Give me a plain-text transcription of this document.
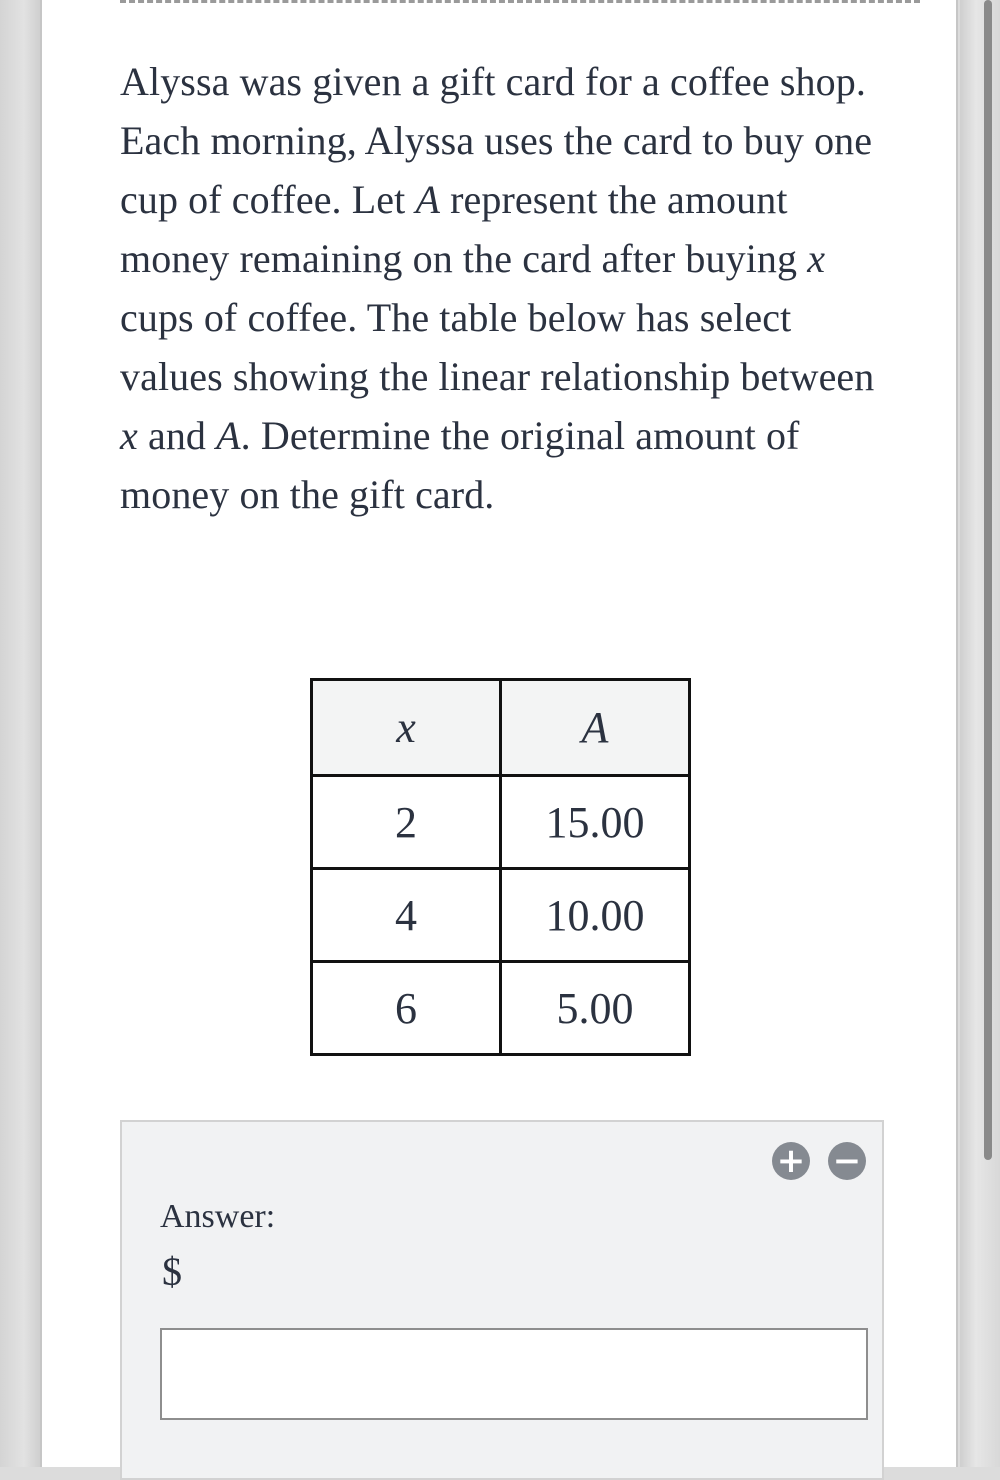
Alyssa was given a gift card for a coffee shop. Each morning, Alyssa uses the card to buy one cup of coffee. Let A represent the amount money remaining on the card after buying x cups of coffee. The table below has select values showing the linear relationship between x and A. Determine the original amount of money on the gift card.

x	A
2	15.00
4	10.00
6	5.00
+ −
Answer:
$
